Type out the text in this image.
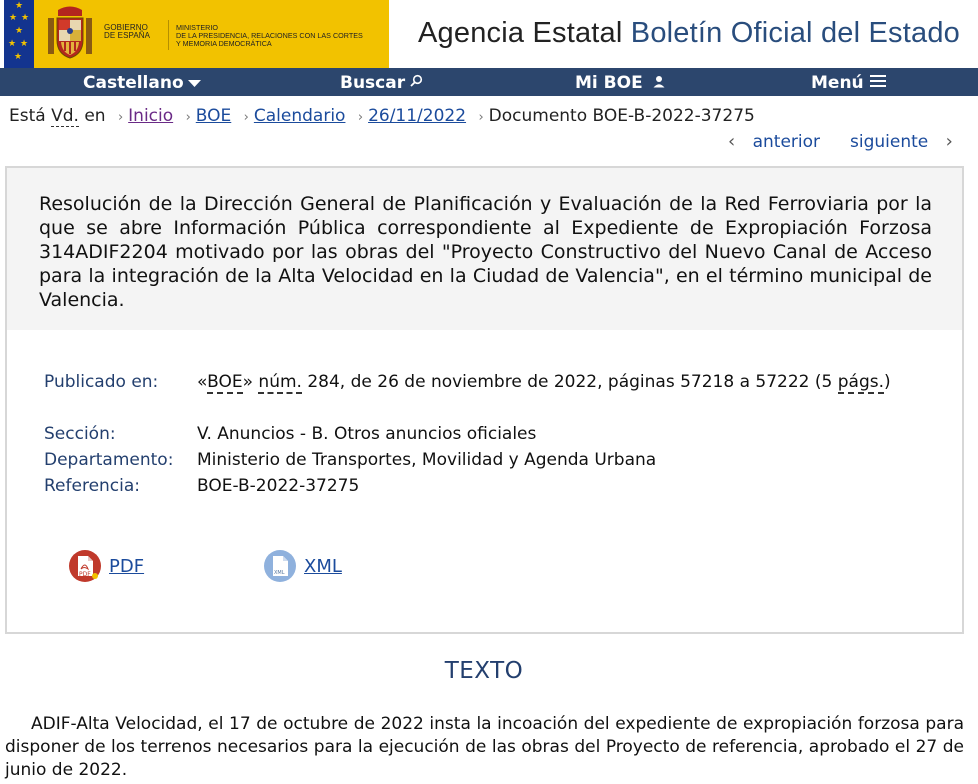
★
★ ★
★
★ ★
★
GOBIERNO
DE ESPAÑA
MINISTERIO
DE LA PRESIDENCIA, RELACIONES CON LAS CORTES
Y MEMORIA DEMOCRÁTICA	Agencia Estatal Boletín Oficial del Estado
Castellano	Buscar	Mi BOE	Menú
Está Vd. en › Inicio › BOE › Calendario › 26/11/2022 › Documento BOE-B-2022-37275
‹ anterior siguiente ›

Resolución de la Dirección General de Planificación y Evaluación de la Red Ferroviaria por la que se abre Información Pública correspondiente al Expediente de Expropiación Forzosa 314ADIF2204 motivado por las obras del "Proyecto Constructivo del Nuevo Canal de Acceso para la integración de la Alta Velocidad en la Ciudad de Valencia", en el término municipal de Valencia.

Publicado en:	«BOE» núm. 284, de 26 de noviembre de 2022, páginas 57218 a 57222 (5 págs.)
Sección:	V. Anuncios - B. Otros anuncios oficiales
Departamento:	Ministerio de Transportes, Movilidad y Agenda Urbana
Referencia:	BOE-B-2022-37275
PDF PDF	XML XML
TEXTO

ADIF-Alta Velocidad, el 17 de octubre de 2022 insta la incoación del expediente de expropiación forzosa para disponer de los terrenos necesarios para la ejecución de las obras del Proyecto de referencia, aprobado el 27 de junio de 2022.
